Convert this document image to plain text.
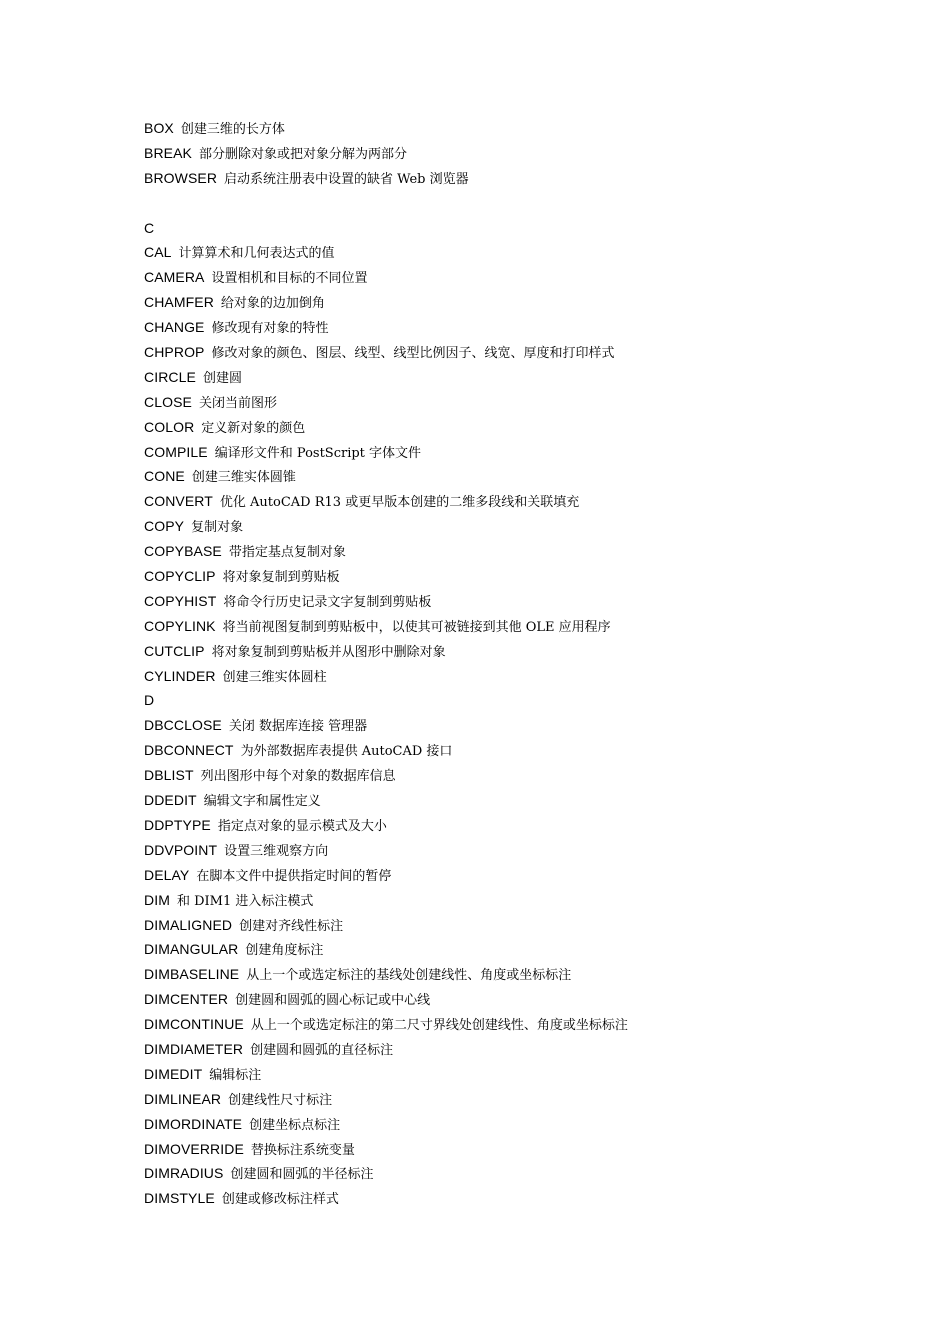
BOX 创建三维的长方体
BREAK 部分删除对象或把对象分解为两部分
BROWSER 启动系统注册表中设置的缺省 Web 浏览器
C
CAL 计算算术和几何表达式的值
CAMERA 设置相机和目标的不同位置
CHAMFER 给对象的边加倒角
CHANGE 修改现有对象的特性
CHPROP 修改对象的颜色、图层、线型、线型比例因子、线宽、厚度和打印样式
CIRCLE 创建圆
CLOSE 关闭当前图形
COLOR 定义新对象的颜色
COMPILE 编译形文件和 PostScript 字体文件
CONE 创建三维实体圆锥
CONVERT 优化 AutoCAD R13 或更早版本创建的二维多段线和关联填充
COPY 复制对象
COPYBASE 带指定基点复制对象
COPYCLIP 将对象复制到剪贴板
COPYHIST 将命令行历史记录文字复制到剪贴板
COPYLINK 将当前视图复制到剪贴板中，以使其可被链接到其他 OLE 应用程序
CUTCLIP 将对象复制到剪贴板并从图形中删除对象
CYLINDER 创建三维实体圆柱
D
DBCCLOSE 关闭 数据库连接 管理器
DBCONNECT 为外部数据库表提供 AutoCAD 接口
DBLIST 列出图形中每个对象的数据库信息
DDEDIT 编辑文字和属性定义
DDPTYPE 指定点对象的显示模式及大小
DDVPOINT 设置三维观察方向
DELAY 在脚本文件中提供指定时间的暂停
DIM 和 DIM1 进入标注模式
DIMALIGNED 创建对齐线性标注
DIMANGULAR 创建角度标注
DIMBASELINE 从上一个或选定标注的基线处创建线性、角度或坐标标注
DIMCENTER 创建圆和圆弧的圆心标记或中心线
DIMCONTINUE 从上一个或选定标注的第二尺寸界线处创建线性、角度或坐标标注
DIMDIAMETER 创建圆和圆弧的直径标注
DIMEDIT 编辑标注
DIMLINEAR 创建线性尺寸标注
DIMORDINATE 创建坐标点标注
DIMOVERRIDE 替换标注系统变量
DIMRADIUS 创建圆和圆弧的半径标注
DIMSTYLE 创建或修改标注样式
